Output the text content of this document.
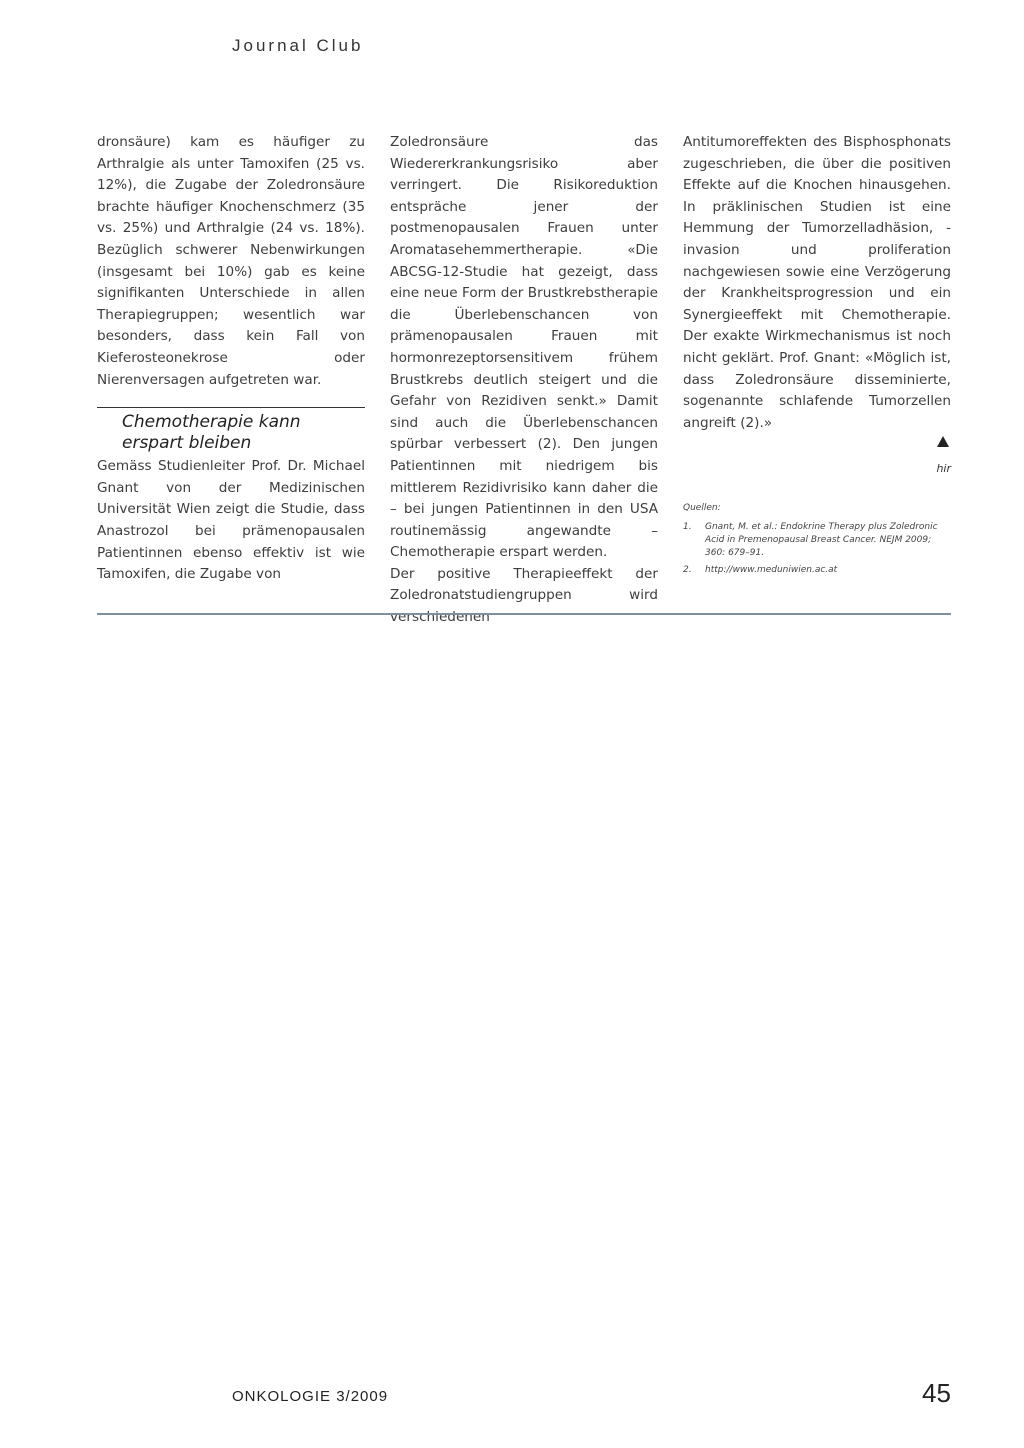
Journal Club

dronsäure) kam es häufiger zu Arthralgie als unter Tamoxifen (25 vs. 12%), die Zugabe der Zoledronsäure brachte häufiger Knochenschmerz (35 vs. 25%) und Arthralgie (24 vs. 18%). Bezüglich schwerer Nebenwirkungen (insgesamt bei 10%) gab es keine signifikanten Unterschiede in allen Therapiegruppen; wesentlich war besonders, dass kein Fall von Kieferosteonekrose oder Nierenversagen aufgetreten war.

Chemotherapie kann
erspart bleiben

Gemäss Studienleiter Prof. Dr. Michael Gnant von der Medizinischen Universität Wien zeigt die Studie, dass Anastrozol bei prämenopausalen Patientinnen ebenso effektiv ist wie Tamoxifen, die Zugabe von

Zoledronsäure das Wiedererkrankungsrisiko aber verringert. Die Risikoreduktion entspräche jener der postmenopausalen Frauen unter Aromatasehemmertherapie. «Die ABCSG-12-Studie hat gezeigt, dass eine neue Form der Brustkrebstherapie die Überlebenschancen von prämenopausalen Frauen mit hormonrezeptorsensitivem frühem Brustkrebs deutlich steigert und die Gefahr von Rezidiven senkt.» Damit sind auch die Überlebenschancen spürbar verbessert (2). Den jungen Patientinnen mit niedrigem bis mittlerem Rezidivrisiko kann daher die – bei jungen Patientinnen in den USA routinemässig angewandte – Chemotherapie erspart werden.

Der positive Therapieeffekt der Zoledronatstudiengruppen wird verschiedenen

Antitumoreffekten des Bisphosphonats zugeschrieben, die über die positiven Effekte auf die Knochen hinausgehen. In präklinischen Studien ist eine Hemmung der Tumorzelladhäsion, -invasion und proliferation nachgewiesen sowie eine Verzögerung der Krankheitsprogression und ein Synergieeffekt mit Chemotherapie. Der exakte Wirkmechanismus ist noch nicht geklärt. Prof. Gnant: «Möglich ist, dass Zoledronsäure disseminierte, sogenannte schlafende Tumorzellen angreift (2).»

hir
Quellen:
1.	Gnant, M. et al.: Endokrine Therapy plus Zoledronic Acid in Premenopausal Breast Cancer. NEJM 2009; 360: 679–91.
2.	http://www.meduniwien.ac.at
ONKOLOGIE 3/2009	45
